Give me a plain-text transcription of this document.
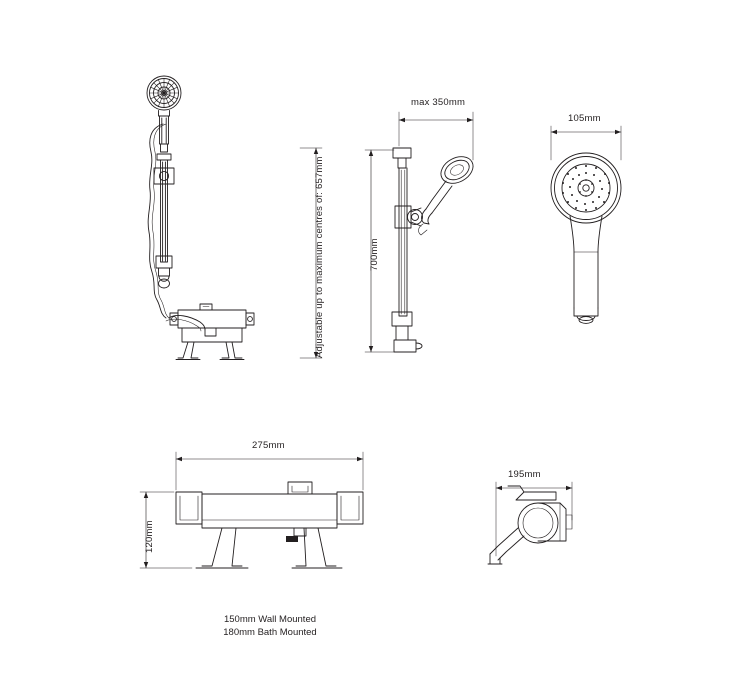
Adjustable up to maximum centres of: 657mm
max 350mm
700mm
105mm
275mm
120mm
195mm
150mm Wall Mounted
180mm Bath Mounted
